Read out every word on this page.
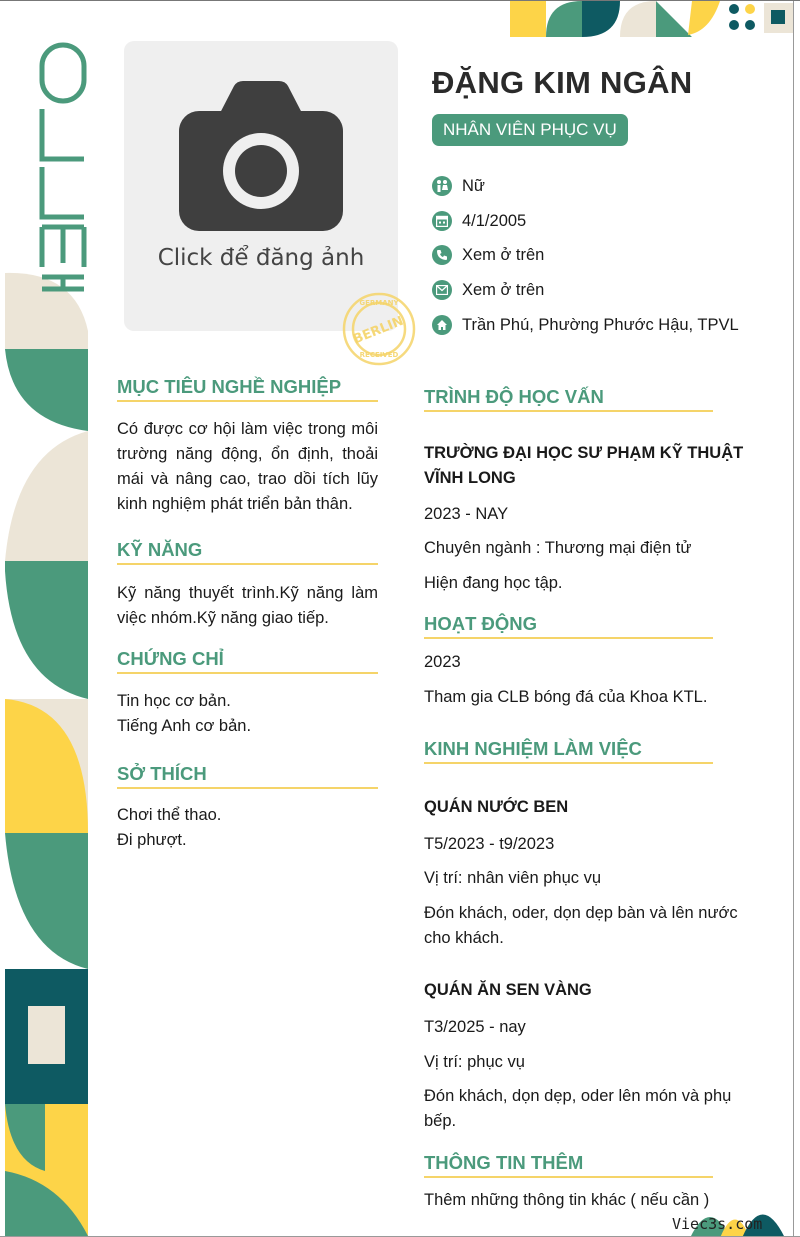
Click để đăng ảnh
GERMANY
BERLIN
RECEIVED
ĐẶNG KIM NGÂN
NHÂN VIÊN PHỤC VỤ
Nữ
4/1/2005
Xem ở trên
Xem ở trên
Trần Phú, Phường Phước Hậu, TPVL
MỤC TIÊU NGHỀ NGHIỆP
Có được cơ hội làm việc trong môi trường năng động, ổn định, thoải mái và nâng cao, trao dồi tích lũy kinh nghiệm phát triển bản thân.
KỸ NĂNG
Kỹ năng thuyết trình.Kỹ năng làm việc nhóm.Kỹ năng giao tiếp.
CHỨNG CHỈ
Tin học cơ bản.
Tiếng Anh cơ bản.
SỞ THÍCH
Chơi thể thao.
Đi phượt.
TRÌNH ĐỘ HỌC VẤN
TRƯỜNG ĐẠI HỌC SƯ PHẠM KỸ THUẬT VĨNH LONG
2023 - NAY
Chuyên ngành : Thương mại điện tử
Hiện đang học tập.
HOẠT ĐỘNG
2023
Tham gia CLB bóng đá của Khoa KTL.
KINH NGHIỆM LÀM VIỆC
QUÁN NƯỚC BEN
T5/2023 - t9/2023
Vị trí: nhân viên phục vụ
Đón khách, oder, dọn dẹp bàn và lên nước cho khách.
QUÁN ĂN SEN VÀNG
T3/2025 - nay
Vị trí: phục vụ
Đón khách, dọn dẹp, oder lên món và phụ bếp.
THÔNG TIN THÊM
Thêm những thông tin khác ( nếu cần )
Viec3s.com
